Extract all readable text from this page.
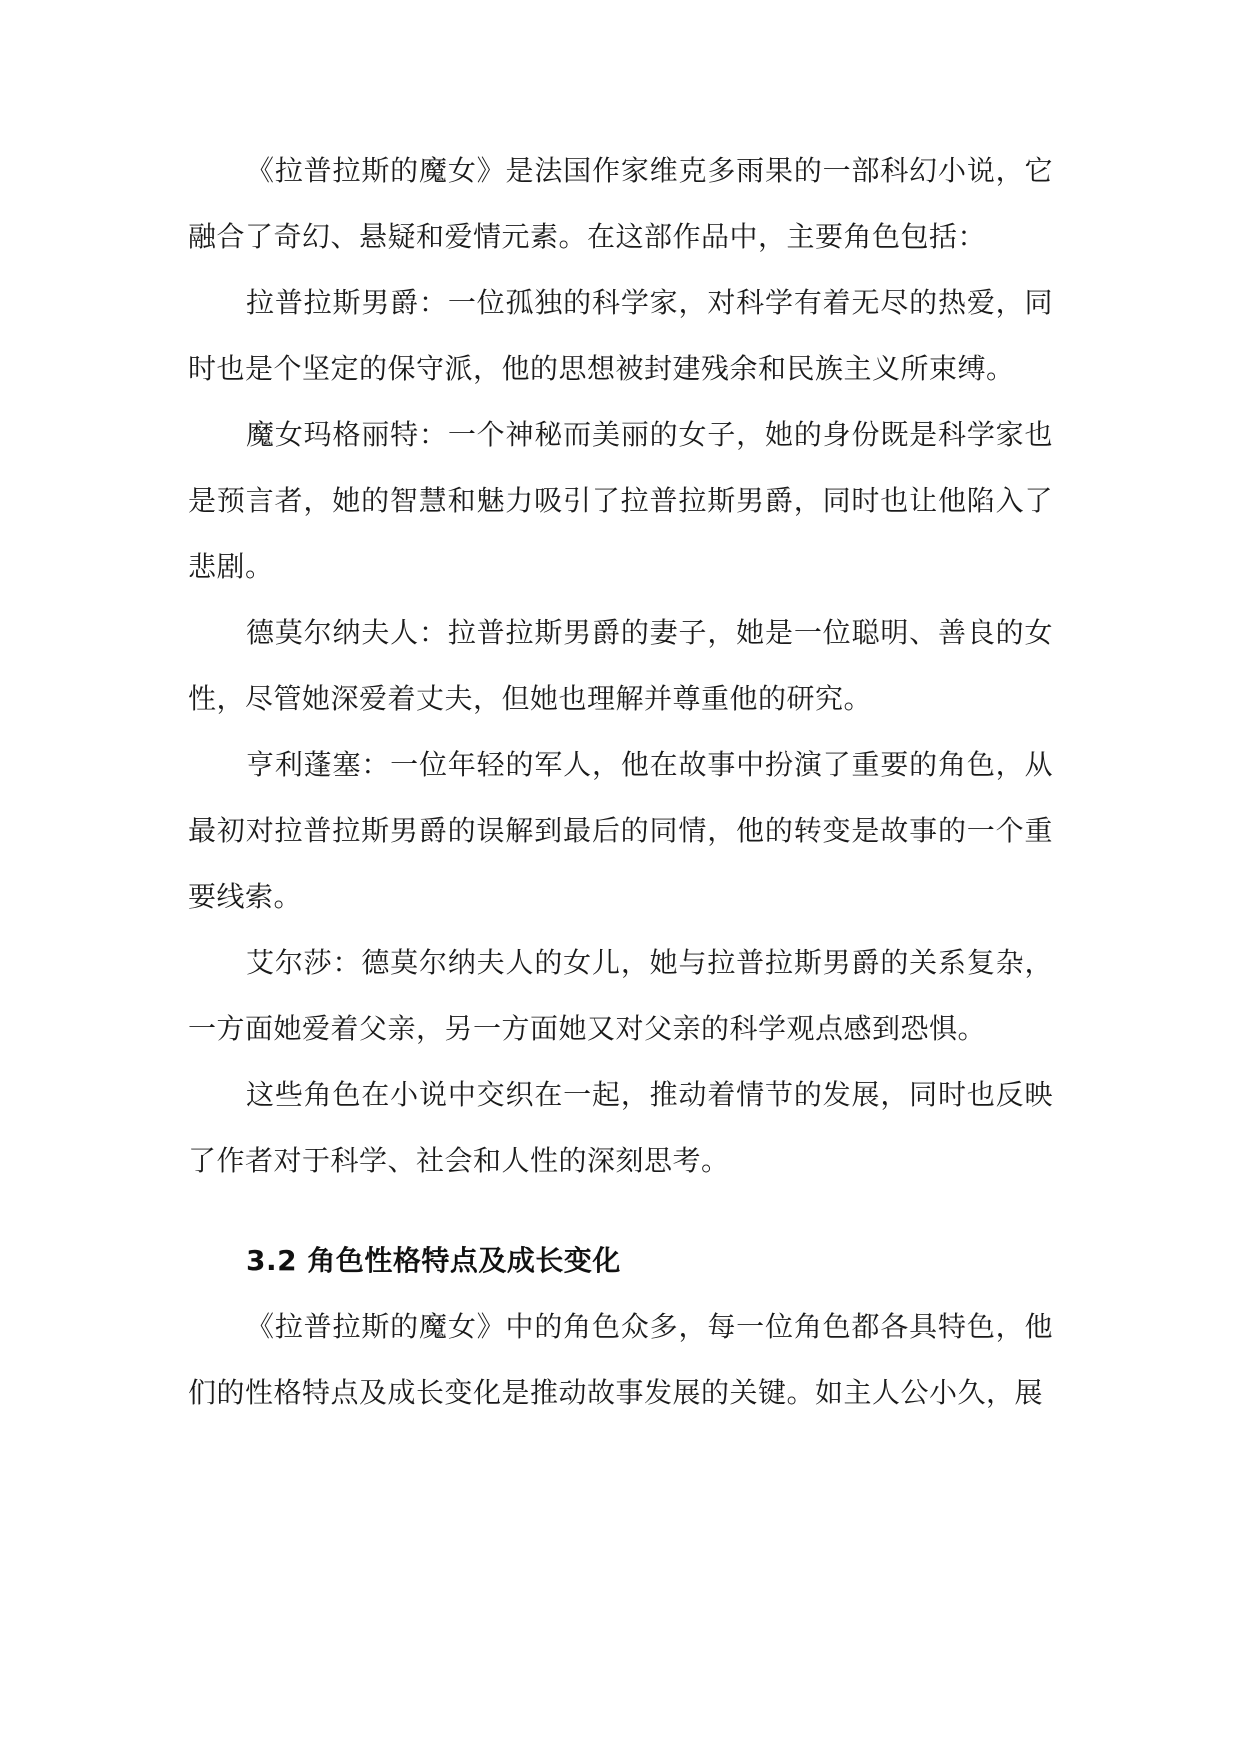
《拉普拉斯的魔女》是法国作家维克多雨果的一部科幻小说，它融合了奇幻、悬疑和爱情元素。在这部作品中，主要角色包括：

拉普拉斯男爵：一位孤独的科学家，对科学有着无尽的热爱，同时也是个坚定的保守派，他的思想被封建残余和民族主义所束缚。

魔女玛格丽特：一个神秘而美丽的女子，她的身份既是科学家也是预言者，她的智慧和魅力吸引了拉普拉斯男爵，同时也让他陷入了悲剧。

德莫尔纳夫人：拉普拉斯男爵的妻子，她是一位聪明、善良的女性，尽管她深爱着丈夫，但她也理解并尊重他的研究。

亨利蓬塞：一位年轻的军人，他在故事中扮演了重要的角色，从最初对拉普拉斯男爵的误解到最后的同情，他的转变是故事的一个重要线索。

艾尔莎：德莫尔纳夫人的女儿，她与拉普拉斯男爵的关系复杂，一方面她爱着父亲，另一方面她又对父亲的科学观点感到恐惧。

这些角色在小说中交织在一起，推动着情节的发展，同时也反映了作者对于科学、社会和人性的深刻思考。

3.2 角色性格特点及成长变化

《拉普拉斯的魔女》中的角色众多，每一位角色都各具特色，他们的性格特点及成长变化是推动故事发展的关键。如主人公小久，展
